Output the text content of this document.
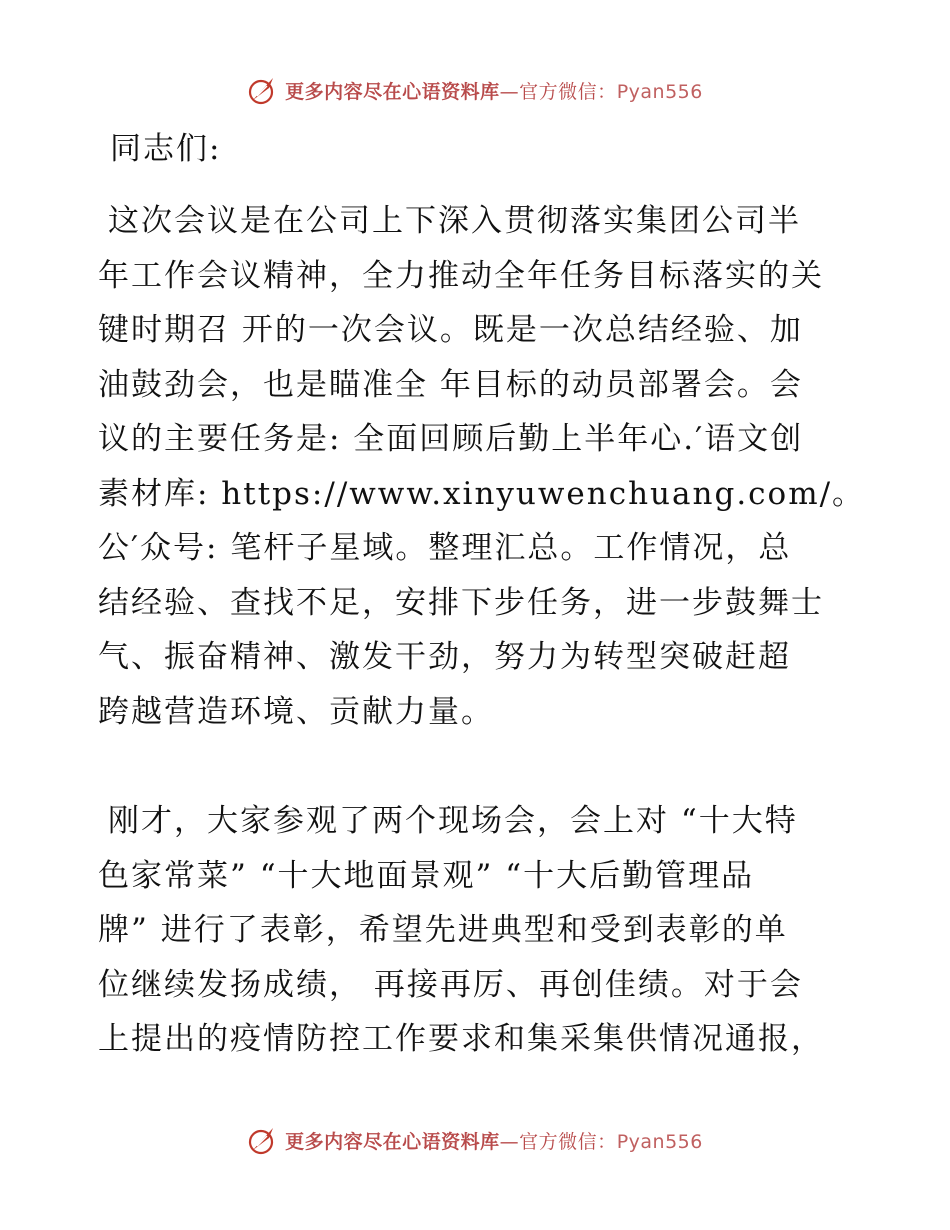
更多内容尽在心语资料库—官方微信：Pyan556

同志们:

这次会议是在公司上下深入贯彻落实集团公司半
年工作会议精神，全力推动全年任务目标落实的关
键时期召 开的一次会议。既是一次总结经验、加
油鼓劲会，也是瞄准全 年目标的动员部署会。会
议的主要任务是: 全面回顾后勤上半年心.′语文创
素材库: https://www.xinyuwenchuang.com/。
公′众号: 笔杆子星域。整理汇总。工作情况，总
结经验、查找不足，安排下步任务，进一步鼓舞士
气、振奋精神、激发干劲，努力为转型突破赶超
跨越营造环境、贡献力量。

刚才，大家参观了两个现场会，会上对 “十大特
色家常菜” “十大地面景观” “十大后勤管理品
牌” 进行了表彰，希望先进典型和受到表彰的单
位继续发扬成绩， 再接再厉、再创佳绩。对于会
上提出的疫情防控工作要求和集采集供情况通报，

更多内容尽在心语资料库—官方微信：Pyan556
